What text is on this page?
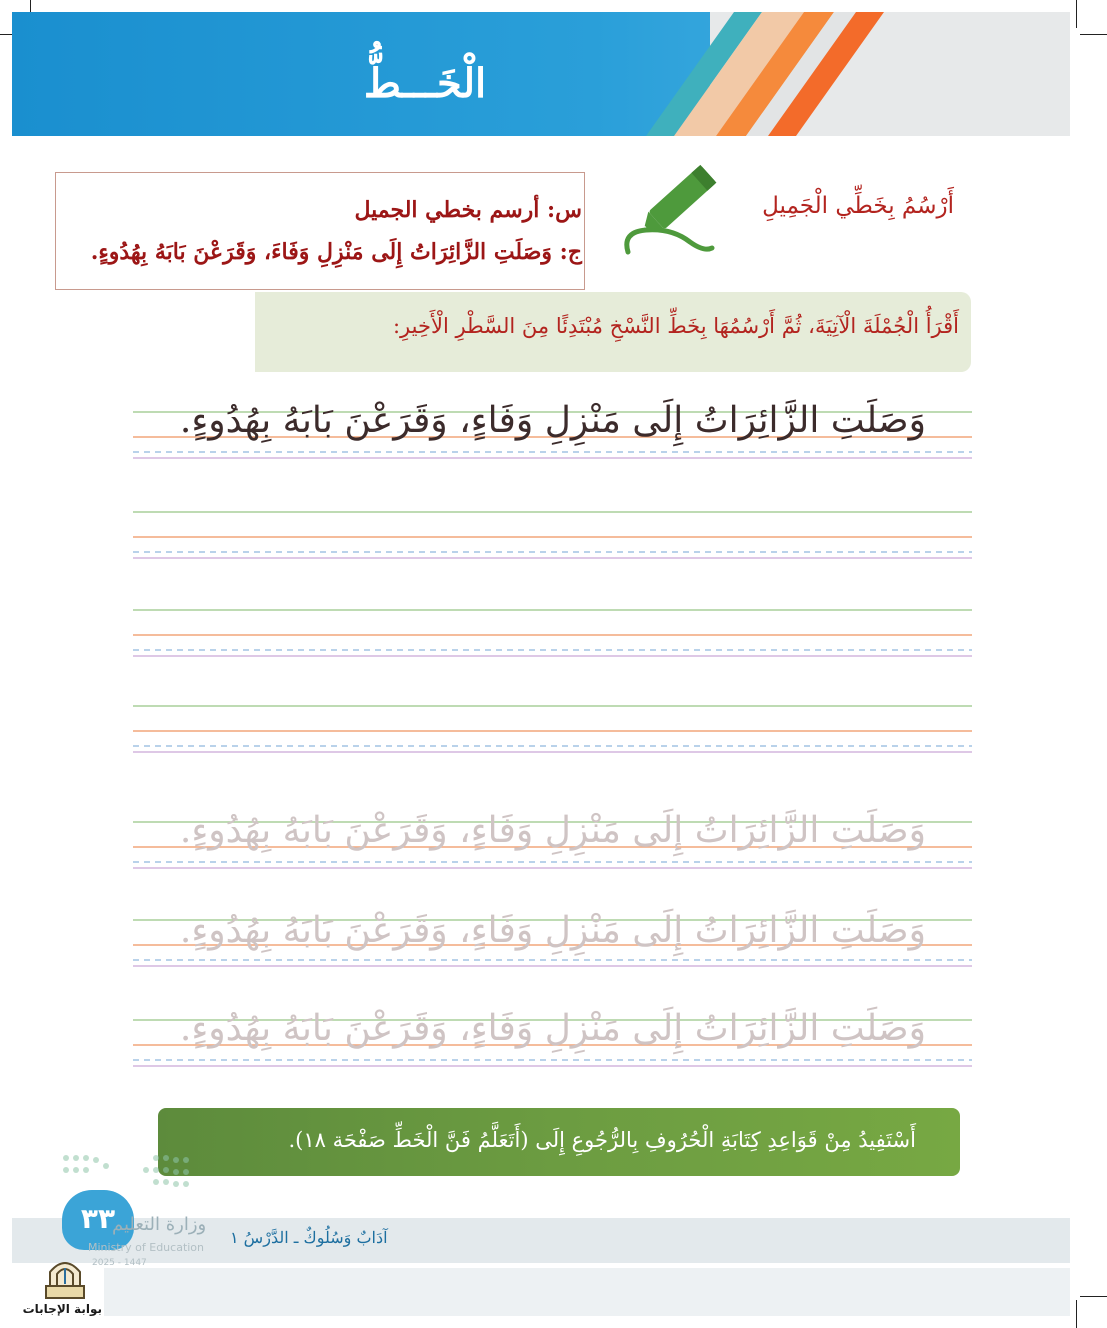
الْخَـــطُّ
س: أرسم بخطي الجميل
ج: وَصَلَتِ الزَّائِرَاتُ إِلَى مَنْزِلِ وَفَاءَ، وَقَرَعْنَ بَابَهُ بِهُدُوءٍ.
أَرْسُمُ بِخَطِّي الْجَمِيلِ
أَقْرَأُ الْجُمْلَةَ الْآتِيَةَ، ثُمَّ أَرْسُمُهَا بِخَطِّ النَّسْخِ مُبْتَدِئًا مِنَ السَّطْرِ الْأَخِيرِ:
وَصَلَتِ الزَّائِرَاتُ إِلَى مَنْزِلِ وَفَاءٍ، وَقَرَعْنَ بَابَهُ بِهُدُوءٍ.
وَصَلَتِ الزَّائِرَاتُ إِلَى مَنْزِلِ وَفَاءٍ، وَقَرَعْنَ بَابَهُ بِهُدُوءٍ.
وَصَلَتِ الزَّائِرَاتُ إِلَى مَنْزِلِ وَفَاءٍ، وَقَرَعْنَ بَابَهُ بِهُدُوءٍ.
وَصَلَتِ الزَّائِرَاتُ إِلَى مَنْزِلِ وَفَاءٍ، وَقَرَعْنَ بَابَهُ بِهُدُوءٍ.
أَسْتَفِيدُ مِنْ قَوَاعِدِ كِتَابَةِ الْحُرُوفِ بِالرُّجُوعِ إِلَى (أَتَعَلَّمُ فَنَّ الْخَطِّ صَفْحَة ١٨).
آدَابٌ وَسُلُوكٌ ـ الدَّرْسُ ١
٣٣
وزارة التعليم
Ministry of Education
2025 - 1447
بوابة الإجابات
